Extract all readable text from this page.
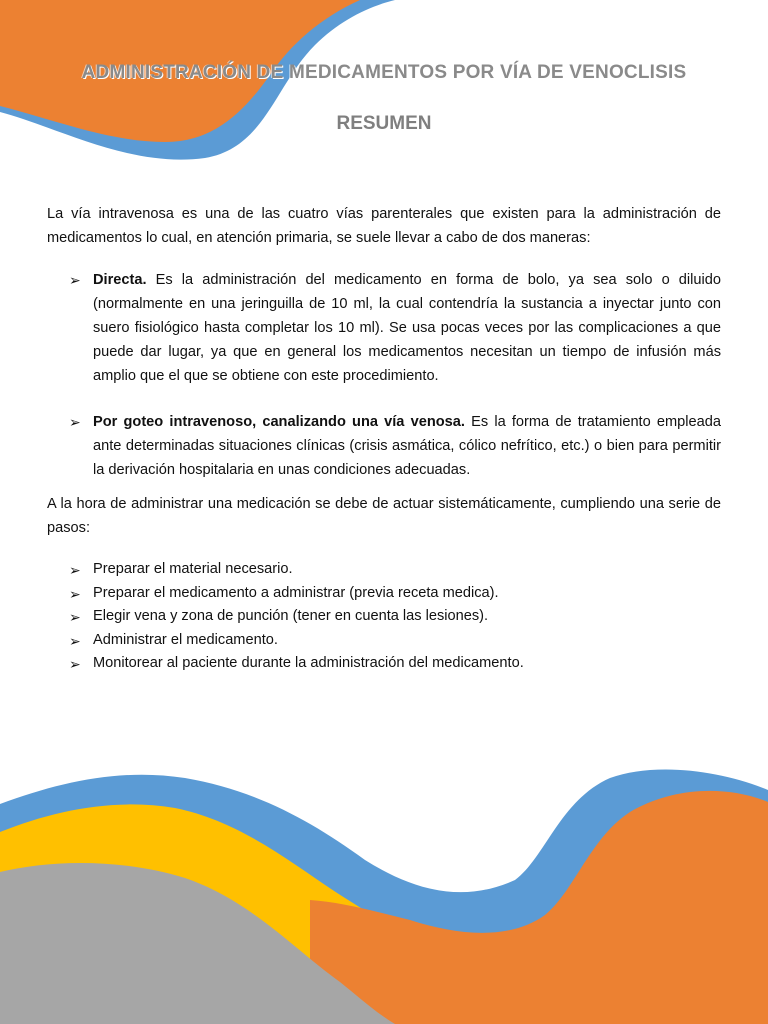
ADMINISTRACIÓN DE MEDICAMENTOS POR VÍA DE VENOCLISIS
RESUMEN

La vía intravenosa es una de las cuatro vías parenterales que existen para la administración de medicamentos lo cual, en atención primaria, se suele llevar a cabo de dos maneras:

➢ Directa. Es la administración del medicamento en forma de bolo, ya sea solo o diluido (normalmente en una jeringuilla de 10 ml, la cual contendría la sustancia a inyectar junto con suero fisiológico hasta completar los 10 ml). Se usa pocas veces por las complicaciones a que puede dar lugar, ya que en general los medicamentos necesitan un tiempo de infusión más amplio que el que se obtiene con este procedimiento.
➢ Por goteo intravenoso, canalizando una vía venosa. Es la forma de tratamiento empleada ante determinadas situaciones clínicas (crisis asmática, cólico nefrítico, etc.) o bien para permitir la derivación hospitalaria en unas condiciones adecuadas.

A la hora de administrar una medicación se debe de actuar sistemáticamente, cumpliendo una serie de pasos:

➢ Preparar el material necesario.
➢ Preparar el medicamento a administrar (previa receta medica).
➢ Elegir vena y zona de punción (tener en cuenta las lesiones).
➢ Administrar el medicamento.
➢ Monitorear al paciente durante la administración del medicamento.
